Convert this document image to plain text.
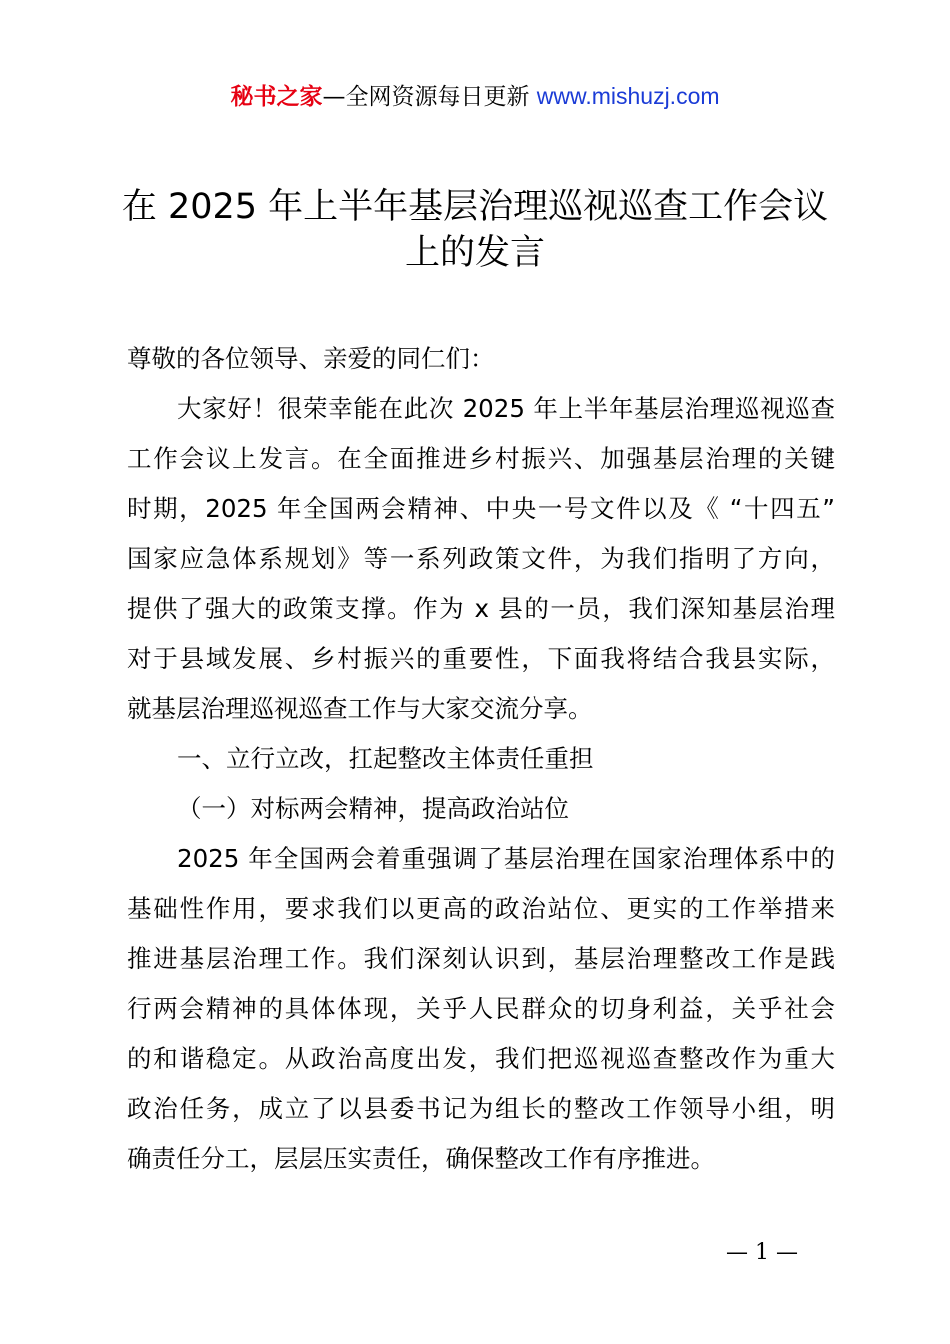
秘书之家—全网资源每日更新 www.mishuzj.com
在 2025 年上半年基层治理巡视巡查工作会议
上的发言
尊敬的各位领导、亲爱的同仁们：
大家好！很荣幸能在此次 2025 年上半年基层治理巡视巡查
工作会议上发言。在全面推进乡村振兴、加强基层治理的关键
时期，2025 年全国两会精神、中央一号文件以及《 “十四五”
国家应急体系规划》等一系列政策文件，为我们指明了方向，
提供了强大的政策支撑。作为 x 县的一员，我们深知基层治理
对于县域发展、乡村振兴的重要性，下面我将结合我县实际，
就基层治理巡视巡查工作与大家交流分享。
一、立行立改，扛起整改主体责任重担
（一）对标两会精神，提高政治站位
2025 年全国两会着重强调了基层治理在国家治理体系中的
基础性作用，要求我们以更高的政治站位、更实的工作举措来
推进基层治理工作。我们深刻认识到，基层治理整改工作是践
行两会精神的具体体现，关乎人民群众的切身利益，关乎社会
的和谐稳定。从政治高度出发，我们把巡视巡查整改作为重大
政治任务，成立了以县委书记为组长的整改工作领导小组，明
确责任分工，层层压实责任，确保整改工作有序推进。
— 1 —
